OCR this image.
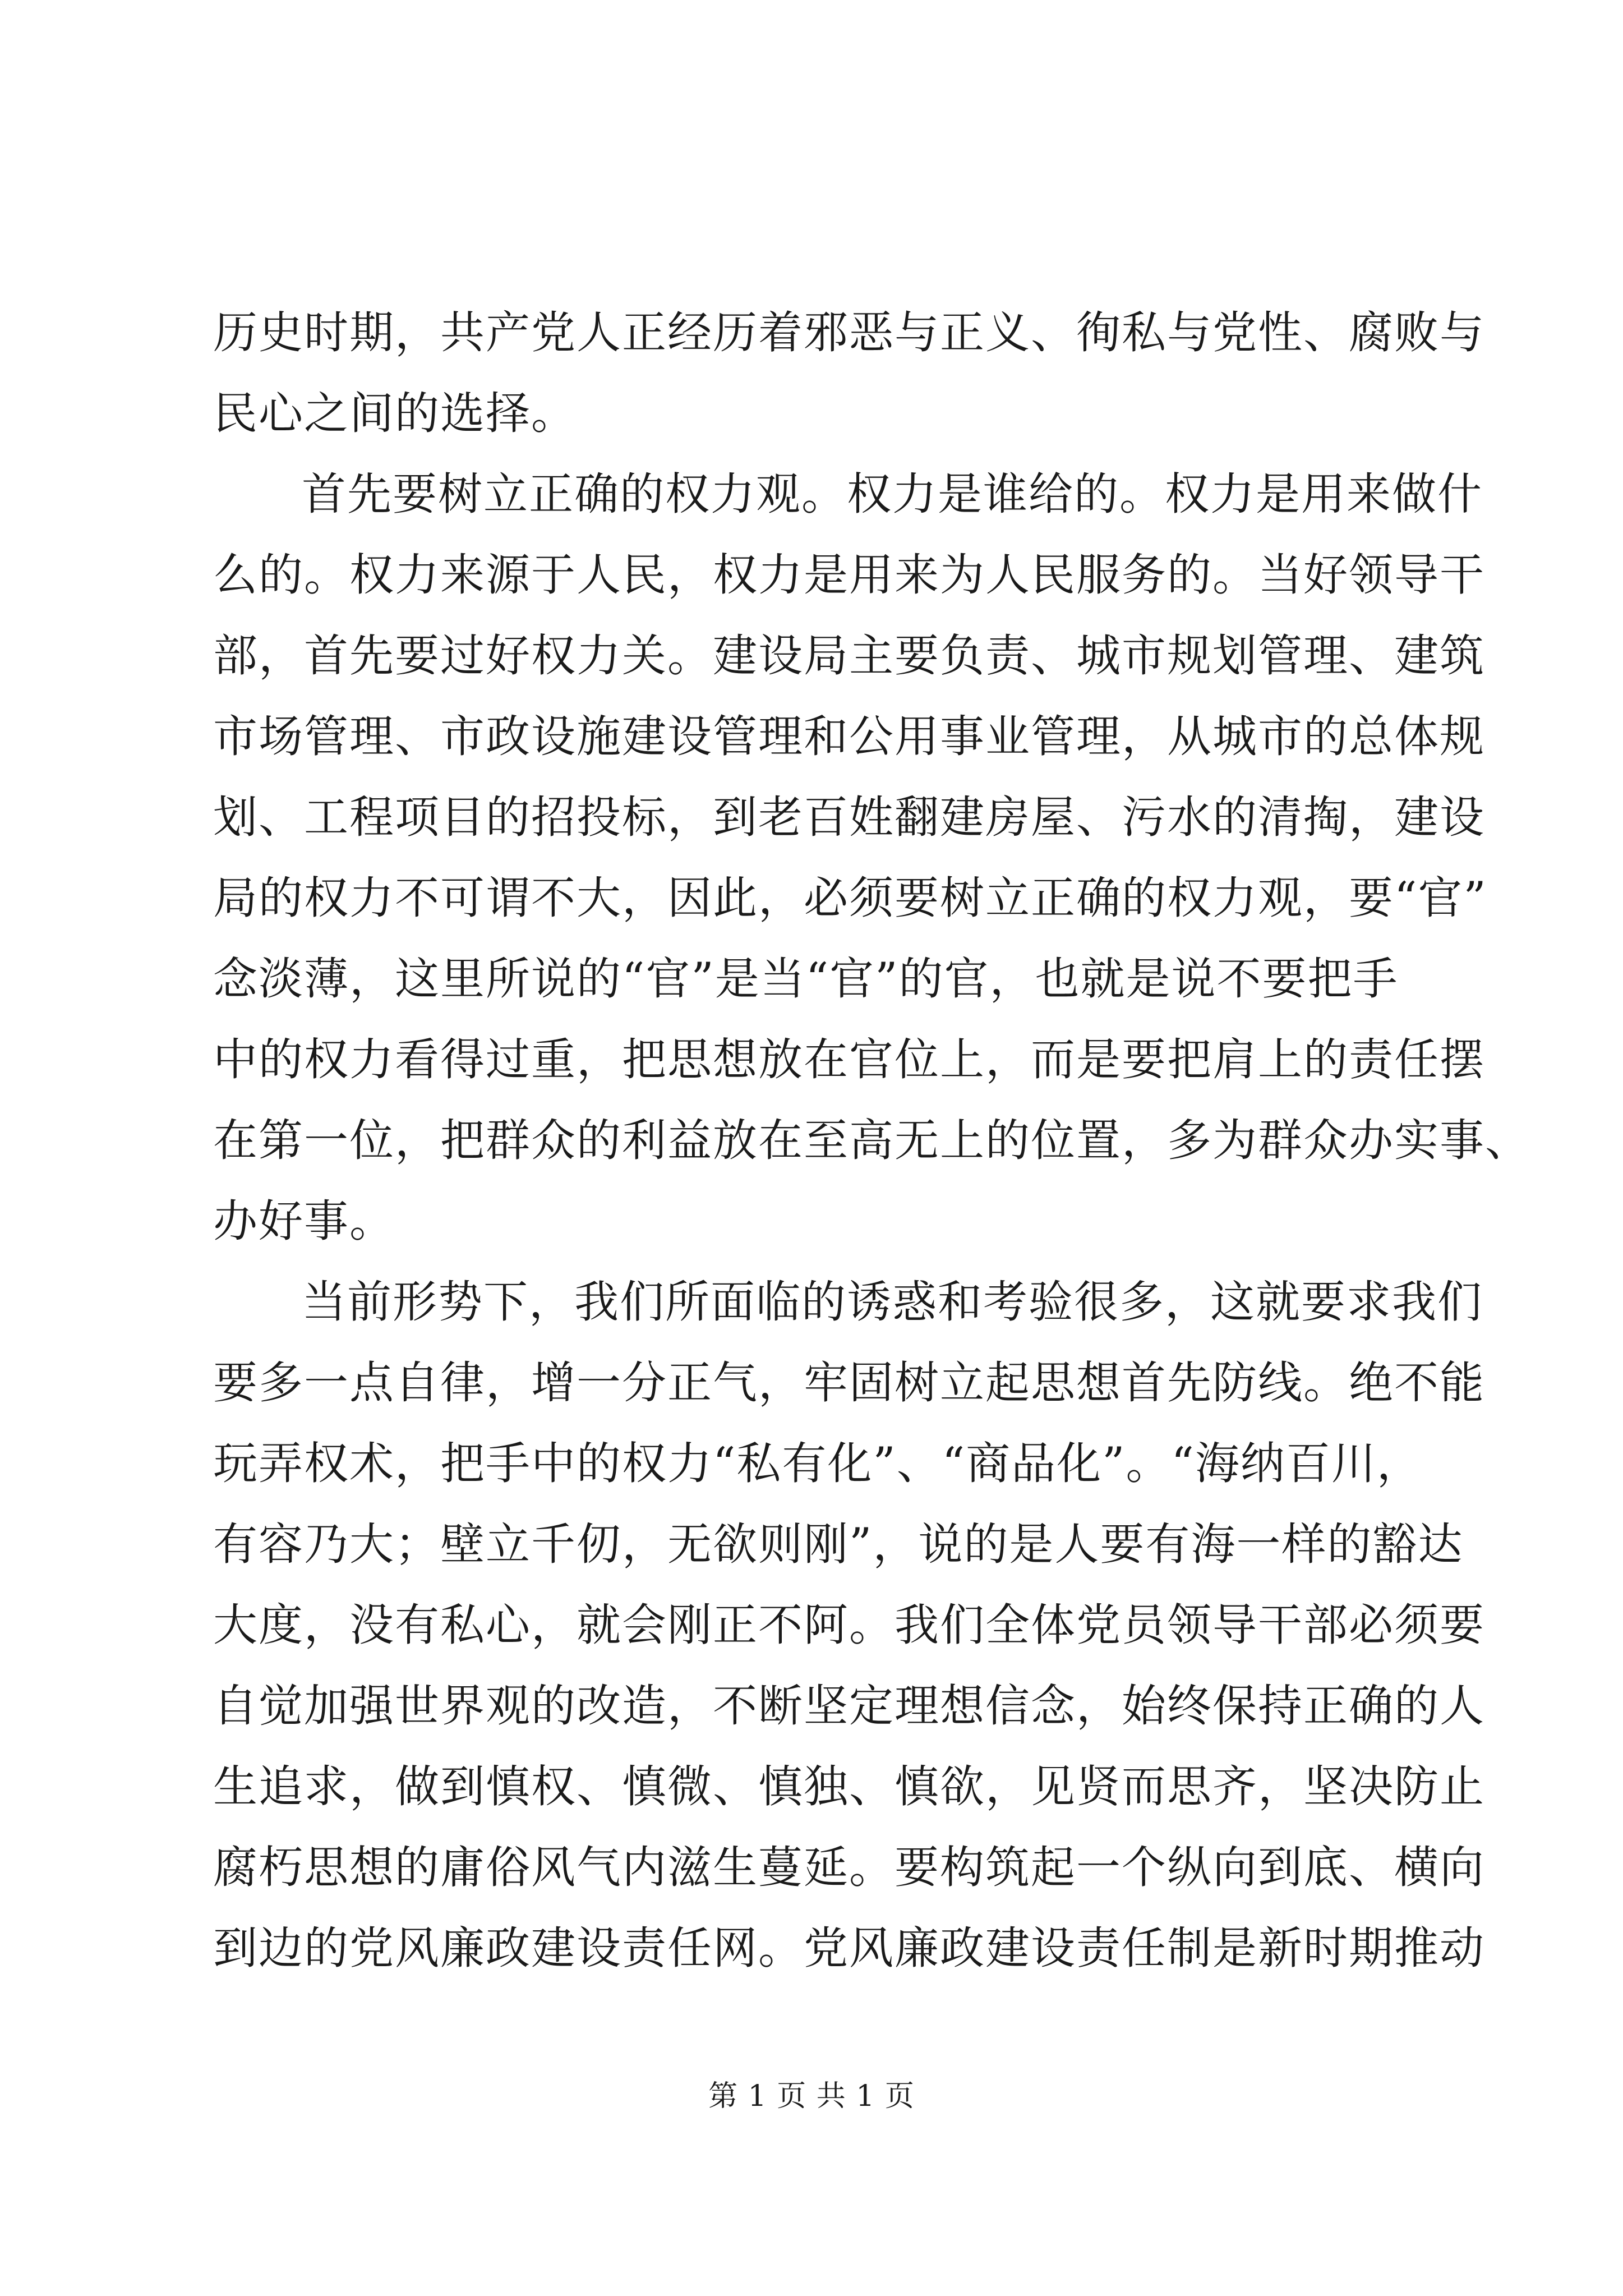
历史时期，共产党人正经历着邪恶与正义、徇私与党性、腐败与
民心之间的选择。
首先要树立正确的权力观。权力是谁给的。权力是用来做什
么的。权力来源于人民，权力是用来为人民服务的。当好领导干
部，首先要过好权力关。建设局主要负责、城市规划管理、建筑
市场管理、市政设施建设管理和公用事业管理，从城市的总体规
划、工程项目的招投标，到老百姓翻建房屋、污水的清掏，建设
局的权力不可谓不大，因此，必须要树立正确的权力观，要“官”
念淡薄，这里所说的“官”是当“官”的官，也就是说不要把手
中的权力看得过重，把思想放在官位上，而是要把肩上的责任摆
在第一位，把群众的利益放在至高无上的位置，多为群众办实事、
办好事。
当前形势下，我们所面临的诱惑和考验很多，这就要求我们
要多一点自律，增一分正气，牢固树立起思想首先防线。绝不能
玩弄权术，把手中的权力“私有化”、“商品化”。“海纳百川，
有容乃大；壁立千仞，无欲则刚”，说的是人要有海一样的豁达
大度，没有私心，就会刚正不阿。我们全体党员领导干部必须要
自觉加强世界观的改造，不断坚定理想信念，始终保持正确的人
生追求，做到慎权、慎微、慎独、慎欲，见贤而思齐，坚决防止
腐朽思想的庸俗风气内滋生蔓延。要构筑起一个纵向到底、横向
到边的党风廉政建设责任网。党风廉政建设责任制是新时期推动
第 1 页 共 1 页
